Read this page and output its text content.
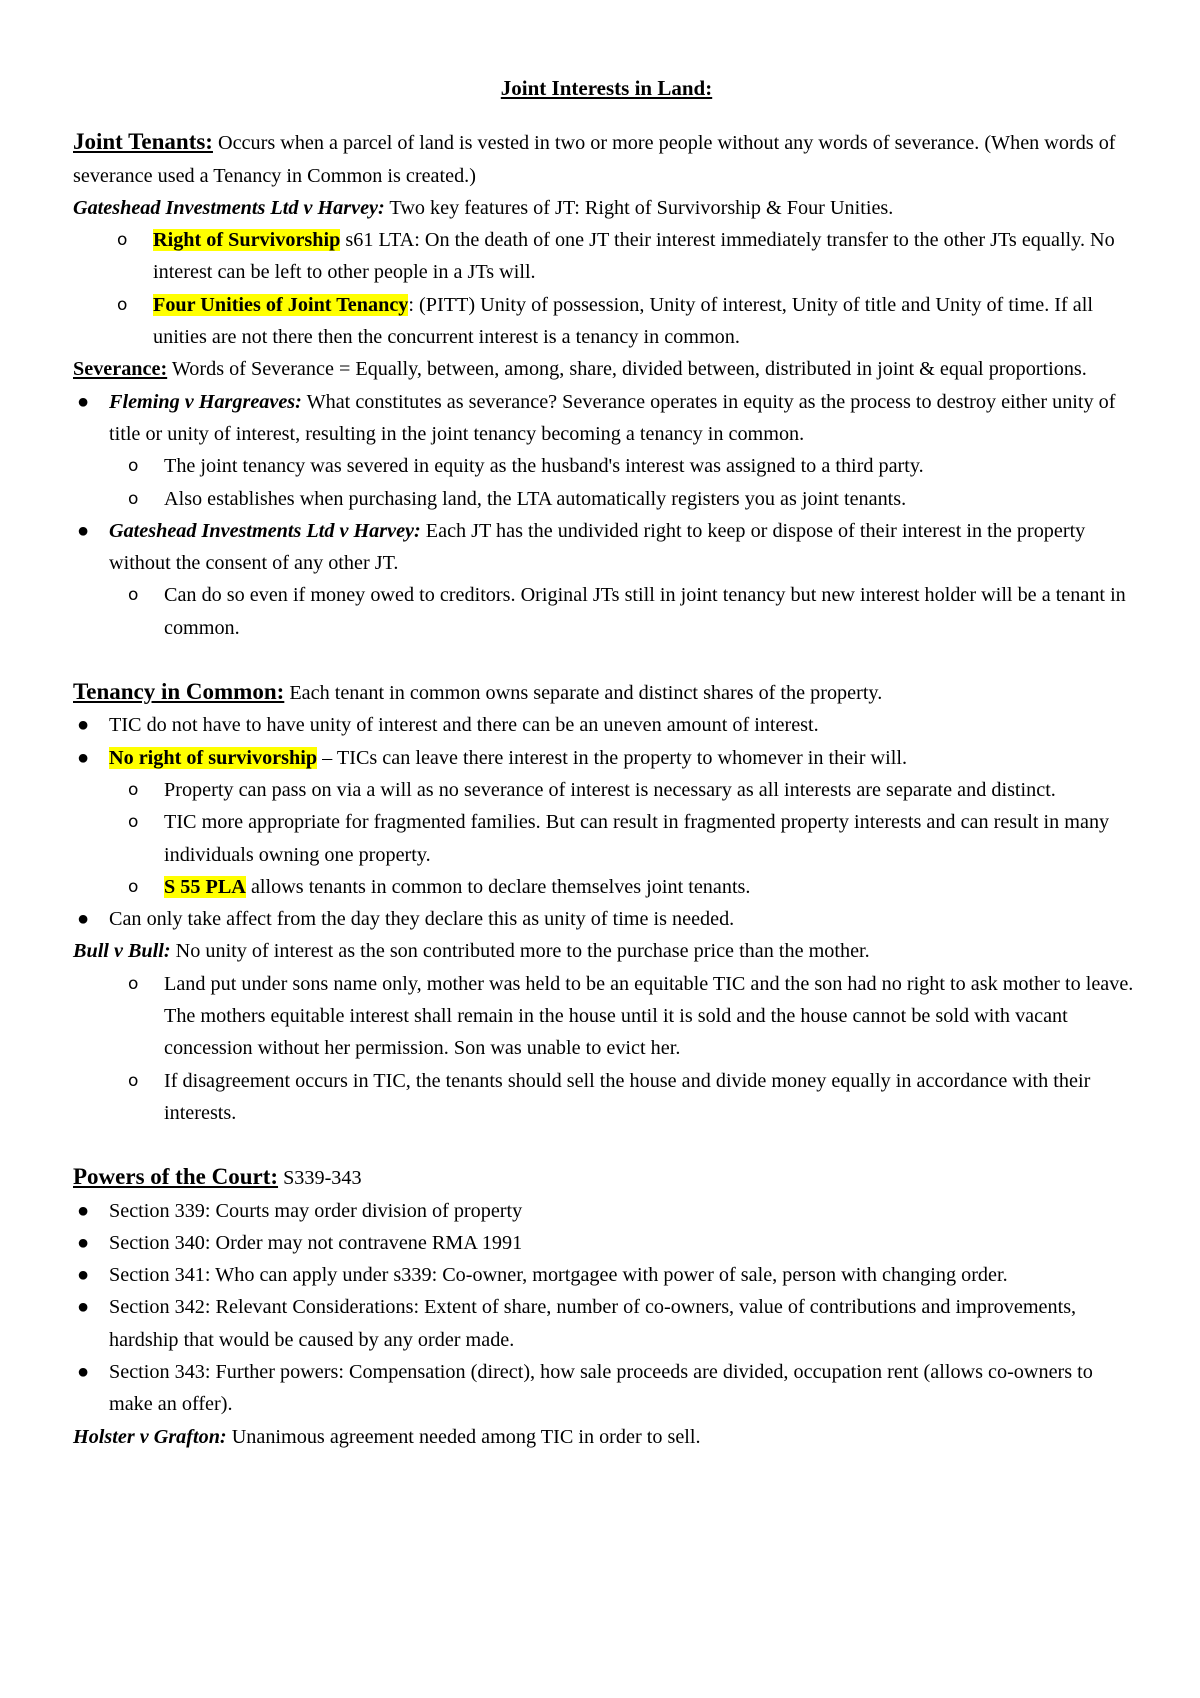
Joint Interests in Land:

Joint Tenants: Occurs when a parcel of land is vested in two or more people without any words of severance. (When words of severance used a Tenancy in Common is created.)

Gateshead Investments Ltd v Harvey: Two key features of JT: Right of Survivorship & Four Unities.

o Right of Survivorship s61 LTA: On the death of one JT their interest immediately transfer to the other JTs equally. No interest can be left to other people in a JTs will.

o Four Unities of Joint Tenancy: (PITT) Unity of possession, Unity of interest, Unity of title and Unity of time. If all unities are not there then the concurrent interest is a tenancy in common.

Severance: Words of Severance = Equally, between, among, share, divided between, distributed in joint & equal proportions.

● Fleming v Hargreaves: What constitutes as severance? Severance operates in equity as the process to destroy either unity of title or unity of interest, resulting in the joint tenancy becoming a tenancy in common.

o The joint tenancy was severed in equity as the husband's interest was assigned to a third party.

o Also establishes when purchasing land, the LTA automatically registers you as joint tenants.

● Gateshead Investments Ltd v Harvey: Each JT has the undivided right to keep or dispose of their interest in the property without the consent of any other JT.

o Can do so even if money owed to creditors. Original JTs still in joint tenancy but new interest holder will be a tenant in common.

Tenancy in Common: Each tenant in common owns separate and distinct shares of the property.

● TIC do not have to have unity of interest and there can be an uneven amount of interest.

● No right of survivorship – TICs can leave there interest in the property to whomever in their will.

o Property can pass on via a will as no severance of interest is necessary as all interests are separate and distinct.

o TIC more appropriate for fragmented families. But can result in fragmented property interests and can result in many individuals owning one property.

o S 55 PLA allows tenants in common to declare themselves joint tenants.

● Can only take affect from the day they declare this as unity of time is needed.

Bull v Bull: No unity of interest as the son contributed more to the purchase price than the mother.

o Land put under sons name only, mother was held to be an equitable TIC and the son had no right to ask mother to leave. The mothers equitable interest shall remain in the house until it is sold and the house cannot be sold with vacant concession without her permission. Son was unable to evict her.

o If disagreement occurs in TIC, the tenants should sell the house and divide money equally in accordance with their interests.

Powers of the Court: S339-343

● Section 339: Courts may order division of property

● Section 340: Order may not contravene RMA 1991

● Section 341: Who can apply under s339: Co-owner, mortgagee with power of sale, person with changing order.

● Section 342: Relevant Considerations: Extent of share, number of co-owners, value of contributions and improvements, hardship that would be caused by any order made.

● Section 343: Further powers: Compensation (direct), how sale proceeds are divided, occupation rent (allows co-owners to make an offer).

Holster v Grafton: Unanimous agreement needed among TIC in order to sell.
